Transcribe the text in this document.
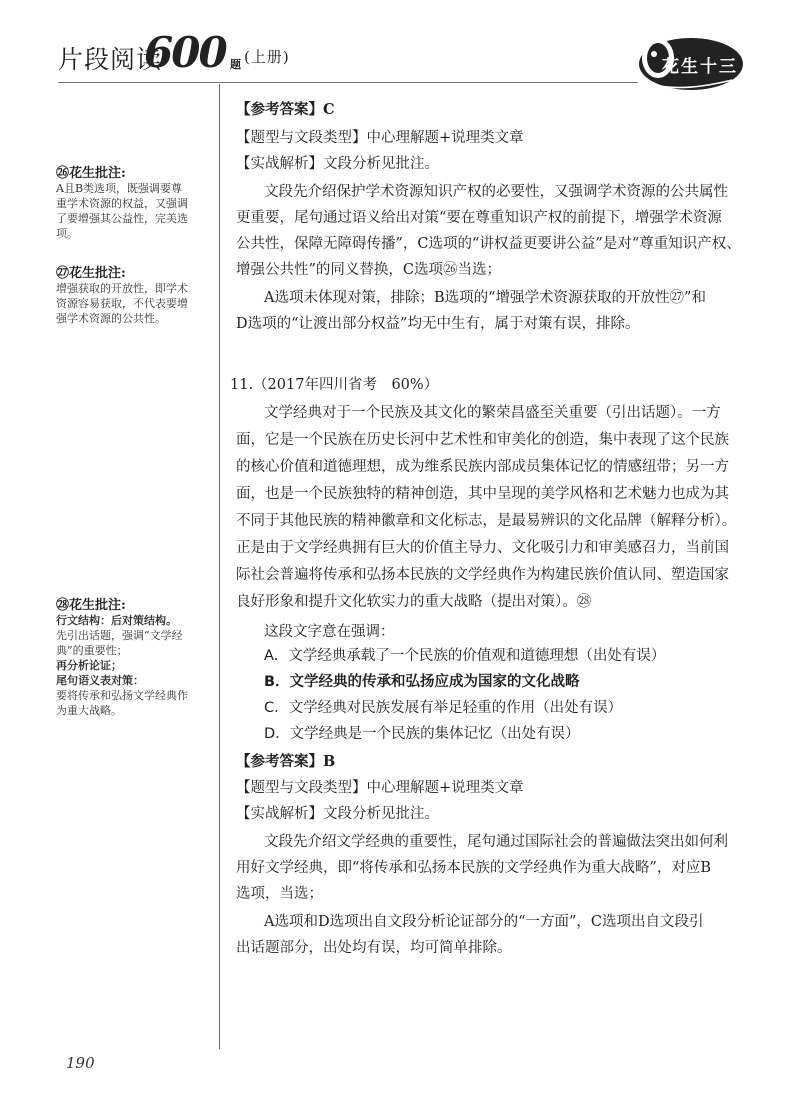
片段阅读
600 题 (上册)	花生十三
【参考答案】C
【题型与文段类型】中心理解题+说理类文章
【实战解析】文段分析见批注。
文段先介绍保护学术资源知识产权的必要性，又强调学术资源的公共属性
更重要，尾句通过语义给出对策“要在尊重知识产权的前提下，增强学术资源
公共性，保障无障碍传播”，C选项的“讲权益更要讲公益”是对“尊重知识产权、
增强公共性”的同义替换，C选项㉖当选；
A选项未体现对策，排除；B选项的“增强学术资源获取的开放性㉗”和
D选项的“让渡出部分权益”均无中生有，属于对策有误，排除。
11.（2017年四川省考　60%）
文学经典对于一个民族及其文化的繁荣昌盛至关重要（引出话题）。一方
面，它是一个民族在历史长河中艺术性和审美化的创造，集中表现了这个民族
的核心价值和道德理想，成为维系民族内部成员集体记忆的情感纽带；另一方
面，也是一个民族独特的精神创造，其中呈现的美学风格和艺术魅力也成为其
不同于其他民族的精神徽章和文化标志，是最易辨识的文化品牌（解释分析）。
正是由于文学经典拥有巨大的价值主导力、文化吸引力和审美感召力，当前国
际社会普遍将传承和弘扬本民族的文学经典作为构建民族价值认同、塑造国家
良好形象和提升文化软实力的重大战略（提出对策）。㉘
这段文字意在强调：
A．文学经典承载了一个民族的价值观和道德理想（出处有误）
B．文学经典的传承和弘扬应成为国家的文化战略
C．文学经典对民族发展有举足轻重的作用（出处有误）
D．文学经典是一个民族的集体记忆（出处有误）
【参考答案】B
【题型与文段类型】中心理解题+说理类文章
【实战解析】文段分析见批注。
文段先介绍文学经典的重要性，尾句通过国际社会的普遍做法突出如何利
用好文学经典，即“将传承和弘扬本民族的文学经典作为重大战略”，对应B
选项，当选；
A选项和D选项出自文段分析论证部分的“一方面”，C选项出自文段引
出话题部分，出处均有误，均可简单排除。
㉖花生批注:
A且B类选项，既强调要尊
重学术资源的权益，又强调
了要增强其公益性，完美选
项。
㉗花生批注:
增强获取的开放性，即学术
资源容易获取，不代表要增
强学术资源的公共性。
㉘花生批注:
行文结构：后对策结构。
先引出话题，强调“文学经
典”的重要性；
再分析论证；
尾句语义表对策：
要将传承和弘扬文学经典作
为重大战略。
190
